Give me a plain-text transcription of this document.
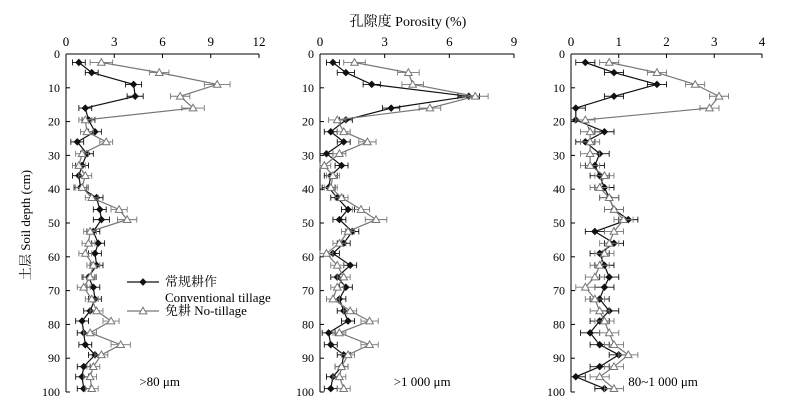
孔隙度 Porosity (%)
土层 Soil depth (cm)
0	3	6	9	12
0
10
20
30
40
50
60
70
80
90
100
>80 μm
0	3	6	9
0
10
20
30
40
50
60
70
80
90
100
>1 000 μm
0	1	2	3	4
0
10
20
30
40
50
60
70
80
90
100
80~1 000 μm
常规耕作
Conventional tillage
免耕 No-tillage
